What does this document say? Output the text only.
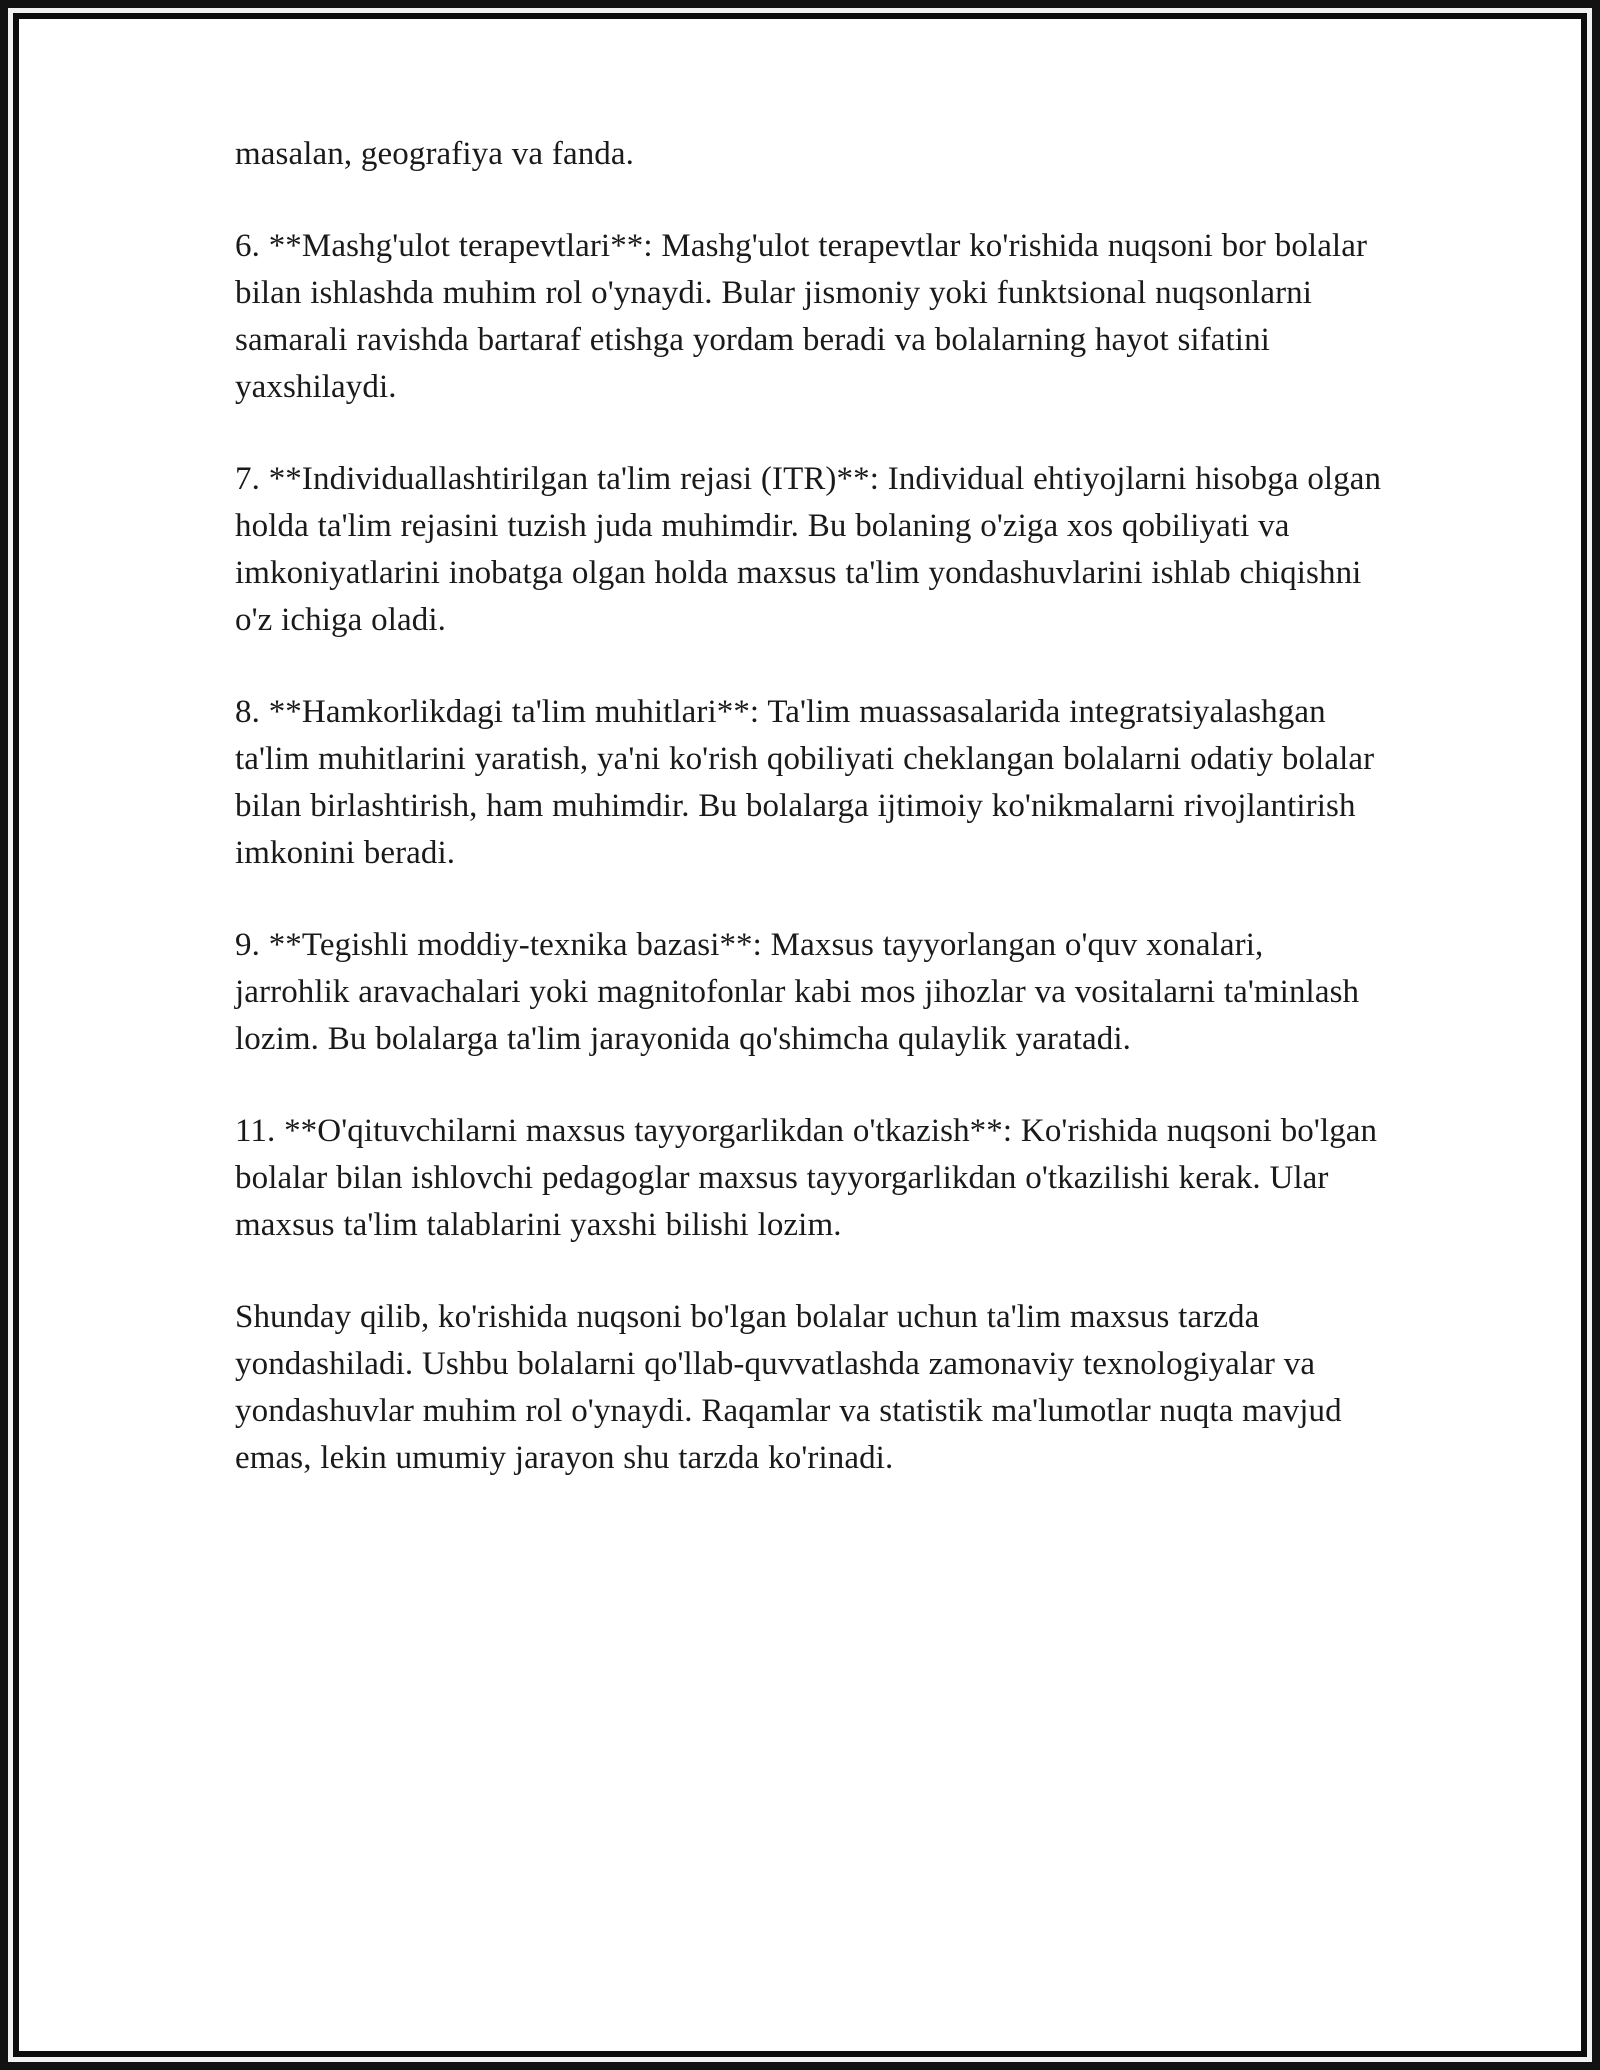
masalan, geografiya va fanda.

6. **Mashg'ulot terapevtlari**: Mashg'ulot terapevtlar ko'rishida nuqsoni bor bolalar bilan ishlashda muhim rol o'ynaydi. Bular jismoniy yoki funktsional nuqsonlarni samarali ravishda bartaraf etishga yordam beradi va bolalarning hayot sifatini yaxshilaydi.

7. **Individuallashtirilgan ta'lim rejasi (ITR)**: Individual ehtiyojlarni hisobga olgan holda ta'lim rejasini tuzish juda muhimdir. Bu bolaning o'ziga xos qobiliyati va imkoniyatlarini inobatga olgan holda maxsus ta'lim yondashuvlarini ishlab chiqishni o'z ichiga oladi.

8. **Hamkorlikdagi ta'lim muhitlari**: Ta'lim muassasalarida integratsiyalashgan ta'lim muhitlarini yaratish, ya'ni ko'rish qobiliyati cheklangan bolalarni odatiy bolalar bilan birlashtirish, ham muhimdir. Bu bolalarga ijtimoiy ko'nikmalarni rivojlantirish imkonini beradi.

9. **Tegishli moddiy-texnika bazasi**: Maxsus tayyorlangan o'quv xonalari, jarrohlik aravachalari yoki magnitofonlar kabi mos jihozlar va vositalarni ta'minlash lozim. Bu bolalarga ta'lim jarayonida qo'shimcha qulaylik yaratadi.

11. **O'qituvchilarni maxsus tayyorgarlikdan o'tkazish**: Ko'rishida nuqsoni bo'lgan bolalar bilan ishlovchi pedagoglar maxsus tayyorgarlikdan o'tkazilishi kerak. Ular maxsus ta'lim talablarini yaxshi bilishi lozim.

Shunday qilib, ko'rishida nuqsoni bo'lgan bolalar uchun ta'lim maxsus tarzda yondashiladi. Ushbu bolalarni qo'llab-quvvatlashda zamonaviy texnologiyalar va yondashuvlar muhim rol o'ynaydi. Raqamlar va statistik ma'lumotlar nuqta mavjud emas, lekin umumiy jarayon shu tarzda ko'rinadi.
